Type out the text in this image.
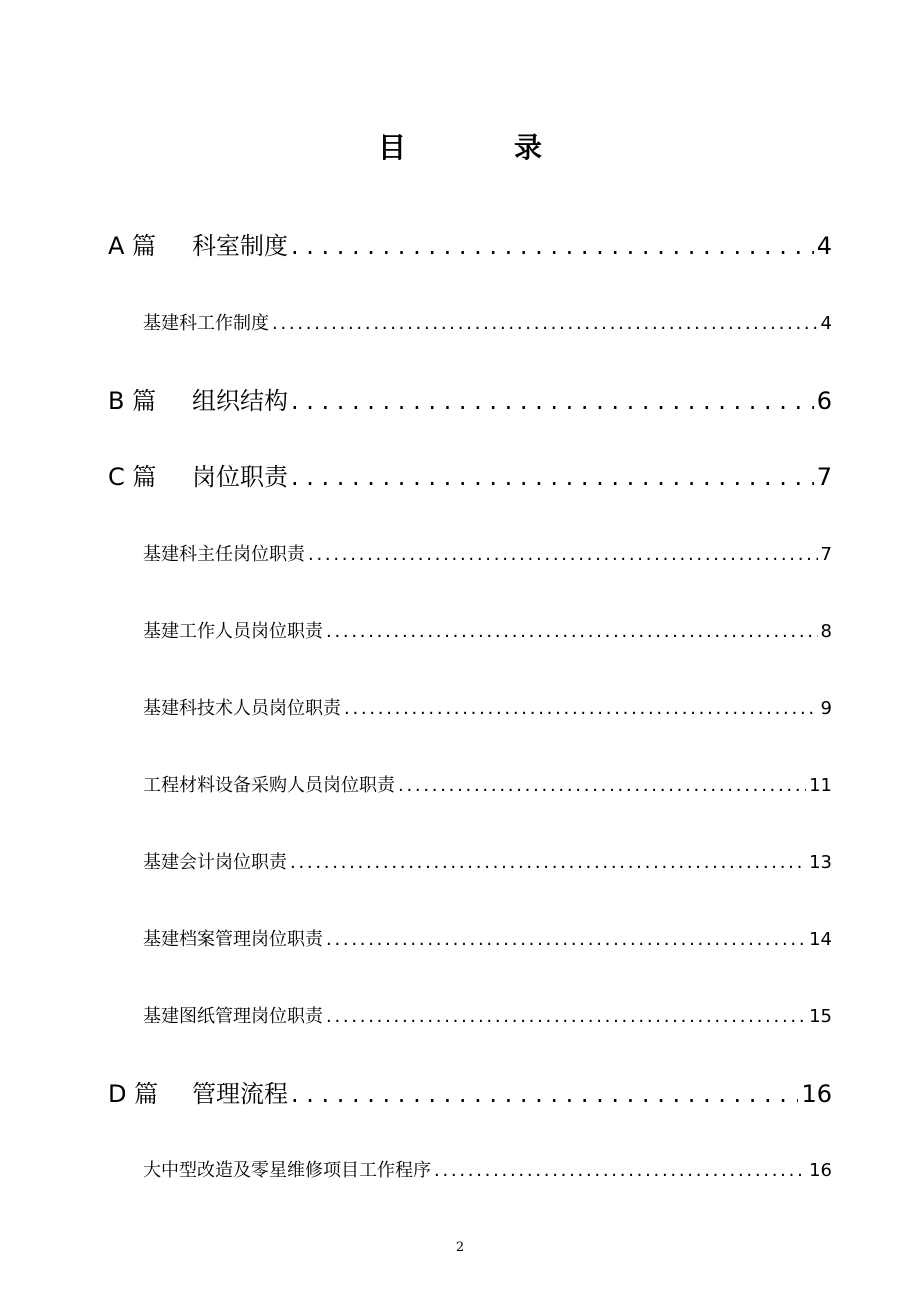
目　录
A 篇 科室制度 . . .	4
基建科工作制度 . . .	4
B 篇 组织结构 . . .	6
C 篇 岗位职责 . . .	7
基建科主任岗位职责 . . .	7
基建工作人员岗位职责 . . .	8
基建科技术人员岗位职责 . . .	9
工程材料设备采购人员岗位职责 . . .	11
基建会计岗位职责 . . .	13
基建档案管理岗位职责 . . .	14
基建图纸管理岗位职责 . . .	15
D 篇 管理流程 . . .	16
大中型改造及零星维修项目工作程序 . . .	16
2
